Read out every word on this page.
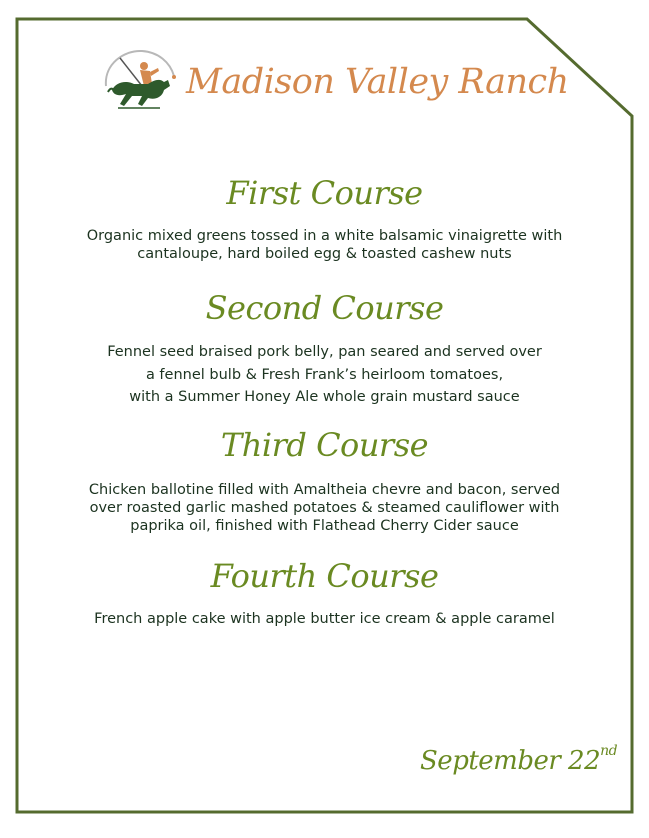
Madison Valley Ranch
First Course
Organic mixed greens tossed in a white balsamic vinaigrette with
cantaloupe, hard boiled egg & toasted cashew nuts
Second Course
Fennel seed braised pork belly, pan seared and served over
a fennel bulb & Fresh Frank’s heirloom tomatoes,
with a Summer Honey Ale whole grain mustard sauce
Third Course
Chicken ballotine filled with Amaltheia chevre and bacon, served
over roasted garlic mashed potatoes & steamed cauliflower with
paprika oil, finished with Flathead Cherry Cider sauce
Fourth Course
French apple cake with apple butter ice cream & apple caramel
September 22nd
